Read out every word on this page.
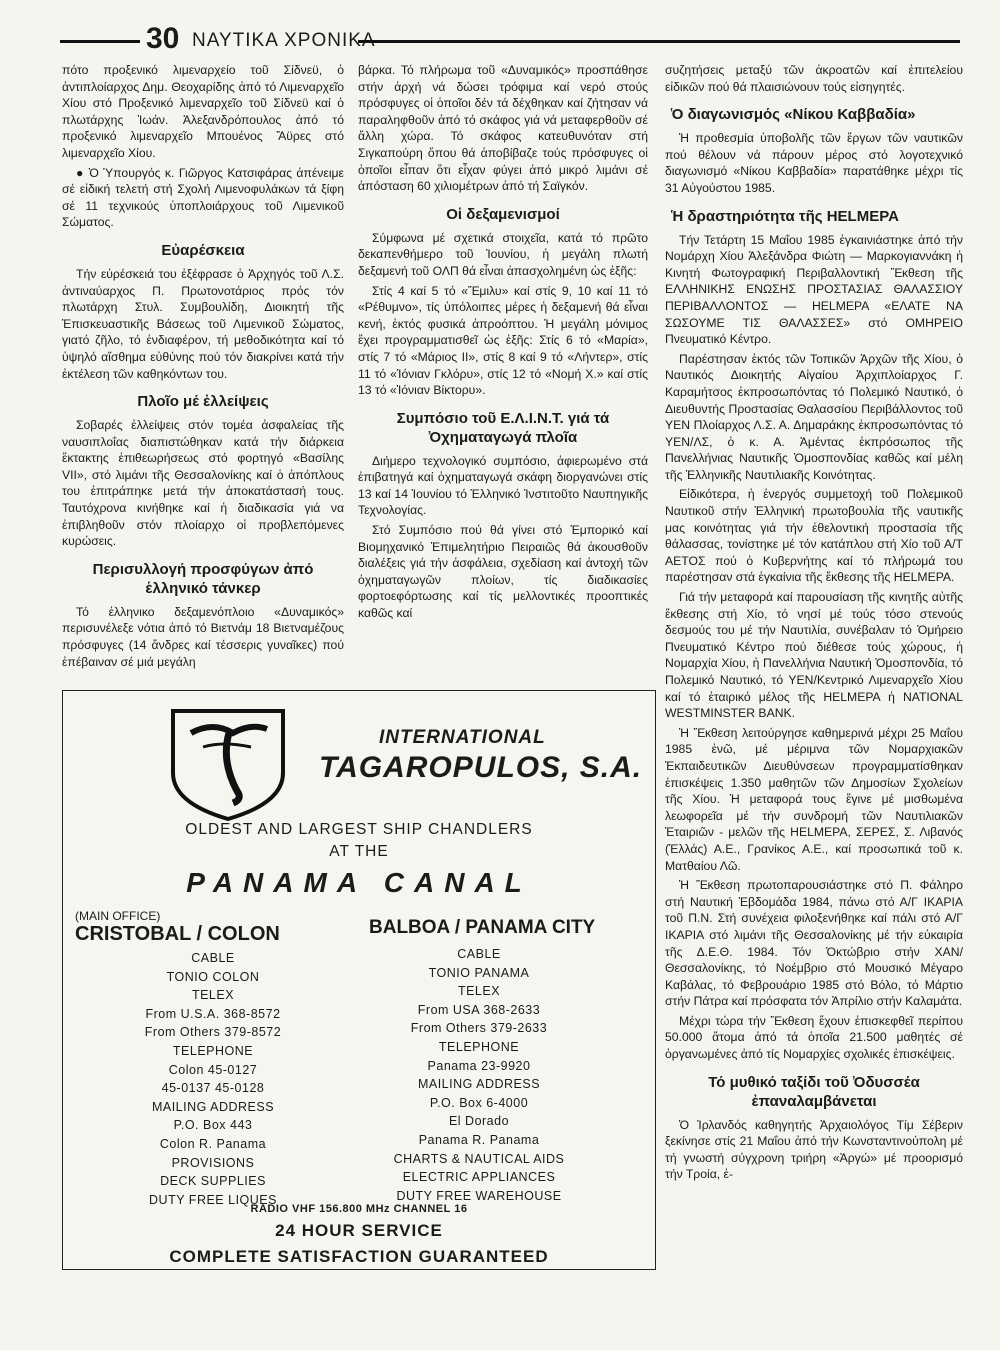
30 ΝΑΥΤΙΚΑ ΧΡΟΝΙΚΑ

πότο προξενικό λιμεναρχείο τοῦ Σίδνεϋ, ὁ ἀντιπλοίαρχος Δημ. Θεοχαρίδης ἀπό τό Λιμεναρχεῖο Χίου στό Προξενικό λιμεναρχεῖο τοῦ Σίδνεϋ καί ὁ πλωτάρχης Ἰωάν. Ἀλεξανδρόπουλος ἀπό τό προξενικό λιμεναρχεῖο Μπουένος Ἄϋρες στό λιμεναρχεῖο Χίου.

● Ὁ Ὑπουργός κ. Γιῶργος Κατσιφάρας ἀπένειμε σέ εἰδική τελετή στή Σχολή Λιμενοφυλάκων τά ξίφη σέ 11 τεχνικούς ὑποπλοιάρχους τοῦ Λιμενικοῦ Σώματος.

Εὐαρέσκεια

Τήν εὐρέσκειά του ἐξέφρασε ὁ Ἀρχηγός τοῦ Λ.Σ. ἀντιναύαρχος Π. Πρωτονοτάριος πρός τόν πλωτάρχη Στυλ. Συμβουλίδη, Διοικητή τῆς Ἐπισκευαστικῆς Βάσεως τοῦ Λιμενικοῦ Σώματος, γιατό ζῆλο, τό ἐνδιαφέρον, τή μεθοδικότητα καί τό ὑψηλό αἴσθημα εὐθύνης πού τόν διακρίνει κατά τήν ἐκτέλεση τῶν καθηκόντων του.

Πλοῖο μέ ἐλλείψεις

Σοβαρές ἐλλείψεις στόν τομέα ἀσφαλείας τῆς ναυσιπλοΐας διαπιστώθηκαν κατά τήν διάρκεια ἔκτακτης ἐπιθεωρήσεως στό φορτηγό «Βασίλης VII», στό λιμάνι τῆς Θεσσαλονίκης καί ὁ ἀπόπλους του ἐπιτράπηκε μετά τήν ἀποκατάστασή τους. Ταυτόχρονα κινήθηκε καί ἡ διαδικασία γιά να ἐπιβληθοῦν στόν πλοίαρχο οἱ προβλεπόμενες κυρώσεις.

Περισυλλογή προσφύγων ἀπό ἑλληνικό τάνκερ

Τό ἑλληνικο δεξαμενόπλοιο «Δυναμικός» περισυνέλεξε νότια ἀπό τό Βιετνάμ 18 Βιετναμέζους πρόσφυγες (14 ἄνδρες καί τέσσερις γυναῖκες) πού ἐπέβαιναν σέ μιά μεγάλη

βάρκα. Τό πλήρωμα τοῦ «Δυναμικός» προσπάθησε στήν ἀρχή νά δώσει τρόφιμα καί νερό στούς πρόσφυγες οἱ ὁποῖοι δέν τά δέχθηκαν καί ζήτησαν νά παραληφθοῦν ἀπό τό σκάφος γιά νά μεταφερθοῦν σέ ἄλλη χώρα. Τό σκάφος κατευθυνόταν στή Σιγκαπούρη ὅπου θά ἀποβίβαζε τούς πρόσφυγες οἱ ὁποῖοι εἶπαν ὅτι εἶχαν φύγει ἀπό μικρό λιμάνι σέ ἀπόσταση 60 χιλιομέτρων ἀπό τή Σαϊγκόν.

Οἱ δεξαμενισμοί

Σύμφωνα μέ σχετικά στοιχεῖα, κατά τό πρῶτο δεκαπενθήμερο τοῦ Ἰουνίου, ἡ μεγάλη πλωτή δεξαμενή τοῦ ΟΛΠ θά εἶναι ἀπασχολημένη ὡς ἑξῆς:

Στίς 4 καί 5 τό «Ἔμιλυ» καί στίς 9, 10 καί 11 τό «Ρέθυμνο», τίς ὑπόλοιπες μέρες ἡ δεξαμενή θά εἶναι κενή, ἐκτός φυσικά ἀπροόπτου. Ἡ μεγάλη μόνιμος ἔχει προγραμματισθεῖ ὡς ἑξῆς: Στίς 6 τό «Μαρία», στίς 7 τό «Μάριος ΙΙ», στίς 8 καί 9 τό «Λήντερ», στίς 11 τό «Ἰόνιαν Γκλόρυ», στίς 12 τό «Νομή Χ.» καί στίς 13 τό «Ἰόνιαν Βίκτορυ».

Συμπόσιο τοῦ Ε.Λ.Ι.Ν.Τ. γιά τά Ὀχηματαγωγά πλοῖα

Διήμερο τεχνολογικό συμπόσιο, ἀφιερωμένο στά ἐπιβατηγά καί ὀχηματαγωγά σκάφη διοργανώνει στίς 13 καί 14 Ἰουνίου τό Ἑλληνικό Ἰνστιτοῦτο Ναυπηγικῆς Τεχνολογίας.

Στό Συμπόσιο πού θά γίνει στό Ἐμπορικό καί Βιομηχανικό Ἐπιμελητήριο Πειραιῶς θά ἀκουσθοῦν διαλέξεις γιά τήν ἀσφάλεια, σχεδίαση καί ἀντοχή τῶν ὀχηματαγωγῶν πλοίων, τίς διαδικασίες φορτοεφόρτωσης καί τίς μελλοντικές προοπτικές καθῶς καί

συζητήσεις μεταξύ τῶν ἀκροατῶν καί ἐπιτελείου εἰδικῶν πού θά πλαισιώνουν τούς εἰσηγητές.

Ὁ διαγωνισμός «Νίκου Καββαδία»

Ἡ προθεσμία ὑποβολῆς τῶν ἔργων τῶν ναυτικῶν πού θέλουν νά πάρουν μέρος στό λογοτεχνικό διαγωνισμό «Νίκου Καββαδία» παρατάθηκε μέχρι τίς 31 Αὐγούστου 1985.

Ἡ δραστηριότητα τῆς HELMEPA

Τήν Τετάρτη 15 Μαΐου 1985 ἐγκαινιάστηκε ἀπό τήν Νομάρχη Χίου Ἀλεξάνδρα Φιώτη — Μαρκογιαννάκη ἡ Κινητή Φωτογραφική Περιβαλλοντική Ἔκθεση τῆς ΕΛΛΗΝΙΚΗΣ ΕΝΩΣΗΣ ΠΡΟΣΤΑΣΙΑΣ ΘΑΛΑΣΣΙΟΥ ΠΕΡΙΒΑΛΛΟΝΤΟΣ — HELMEPA «ΕΛΑΤΕ ΝΑ ΣΩΣΟΥΜΕ ΤΙΣ ΘΑΛΑΣΣΕΣ» στό ΟΜΗΡΕΙΟ Πνευματικό Κέντρο.

Παρέστησαν ἐκτός τῶν Τοπικῶν Ἀρχῶν τῆς Χίου, ὁ Ναυτικός Διοικητής Αἰγαίου Ἀρχιπλοίαρχος Γ. Καραμήτσος ἐκπροσωπόντας τό Πολεμικό Ναυτικό, ὁ Διευθυντής Προστασίας Θαλασσίου Περιβάλλοντος τοῦ ΥΕΝ Πλοίαρχος Λ.Σ. Α. Δημαράκης ἐκπροσωπόντας τό ΥΕΝ/ΛΣ, ὁ κ. Α. Ἀμέντας ἐκπρόσωπος τῆς Πανελλήνιας Ναυτικῆς Ὁμοσπονδίας καθῶς καί μέλη τῆς Ἑλληνικῆς Ναυτιλιακῆς Κοινότητας.

Εἰδικότερα, ἡ ἐνεργός συμμετοχή τοῦ Πολεμικοῦ Ναυτικοῦ στήν Ἑλληνική πρωτοβουλία τῆς ναυτικῆς μας κοινότητας γιά τήν ἐθελοντική προστασία τῆς θάλασσας, τονίστηκε μέ τόν κατάπλου στή Χίο τοῦ Α/Τ ΑΕΤΟΣ πού ὁ Κυβερνήτης καί τό πλήρωμά του παρέστησαν στά ἐγκαίνια τῆς ἔκθεσης τῆς HELMEPA.

Γιά τήν μεταφορά καί παρουσίαση τῆς κινητῆς αὐτῆς ἔκθεσης στή Χίο, τό νησί μέ τούς τόσο στενούς δεσμούς του μέ τήν Ναυτιλία, συνέβαλαν τό Ὁμήρειο Πνευματικό Κέντρο πού διέθεσε τούς χώρους, ἡ Νομαρχία Χίου, ἡ Πανελλήνια Ναυτική Ὁμοσπονδία, τό Πολεμικό Ναυτικό, τό ΥΕΝ/Κεντρικό Λιμεναρχεῖο Χίου καί τό ἑταιρικό μέλος τῆς HELMEPA ἡ NATIONAL WESTMINSTER BANK.

Ἡ Ἔκθεση λειτούργησε καθημερινά μέχρι 25 Μαΐου 1985 ἐνῶ, μέ μέριμνα τῶν Νομαρχιακῶν Ἐκπαιδευτικῶν Διευθύνσεων προγραμματίσθηκαν ἐπισκέψεις 1.350 μαθητῶν τῶν Δημοσίων Σχολείων τῆς Χίου. Ἡ μεταφορά τους ἔγινε μέ μισθωμένα λεωφορεῖα μέ τήν συνδρομή τῶν Ναυτιλιακῶν Ἑταιριῶν - μελῶν τῆς HELMEPA, ΣΕΡΕΣ, Σ. Λιβανός (Ἑλλάς) Α.Ε., Γρανίκος Α.Ε., καί προσωπικά τοῦ κ. Ματθαίου Λῶ.

Ἡ Ἔκθεση πρωτοπαρουσιάστηκε στό Π. Φάληρο στή Ναυτική Ἑβδομάδα 1984, πάνω στό Α/Γ ΙΚΑΡΙΑ τοῦ Π.Ν. Στή συνέχεια φιλοξενήθηκε καί πάλι στό Α/Γ ΙΚΑΡΙΑ στό λιμάνι τῆς Θεσσαλονίκης μέ τήν εὐκαιρία τῆς Δ.Ε.Θ. 1984. Τόν Ὀκτώβριο στήν ΧΑΝ/ Θεσσαλονίκης, τό Νοέμβριο στό Μουσικό Μέγαρο Καβάλας, τό Φεβρουάριο 1985 στό Βόλο, τό Μάρτιο στήν Πάτρα καί πρόσφατα τόν Ἀπρίλιο στήν Καλαμάτα.

Μέχρι τώρα τήν Ἔκθεση ἔχουν ἐπισκεφθεῖ περίπου 50.000 ἄτομα ἀπό τά ὁποῖα 21.500 μαθητές σέ ὀργανωμένες ἀπό τίς Νομαρχίες σχολικές ἐπισκέψεις.

Τό μυθικό ταξίδι τοῦ Ὀδυσσέα ἐπαναλαμβάνεται

Ὁ Ἰρλανδός καθηγητής Ἀρχαιολόγος Τίμ Σέβεριν ξεκίνησε στίς 21 Μαΐου ἀπό τήν Κωνσταντινούπολη μέ τή γνωστή σύγχρονη τριήρη «Ἀργώ» μέ προορισμό τήν Τροία, ἐ-

INTERNATIONAL
TAGAROPULOS, S.A.
OLDEST AND LARGEST SHIP CHANDLERS
AT THE
PANAMA CANAL
(MAIN OFFICE)
CRISTOBAL / COLON	BALBOA / PANAMA CITY
CABLE
TONIO COLON
TELEX
From U.S.A. 368-8572
From Others 379-8572
TELEPHONE
Colon 45-0127
45-0137 45-0128
MAILING ADDRESS
P.O. Box 443
Colon R. Panama
PROVISIONS
DECK SUPPLIES
DUTY FREE LIQUES
CABLE
TONIO PANAMA
TELEX
From USA 368-2633
From Others 379-2633
TELEPHONE
Panama 23-9920
MAILING ADDRESS
P.O. Box 6-4000
El Dorado
Panama R. Panama
CHARTS & NAUTICAL AIDS
ELECTRIC APPLIANCES
DUTY FREE WAREHOUSE
RADIO VHF 156.800 MHz CHANNEL 16
24 HOUR SERVICE
COMPLETE SATISFACTION GUARANTEED
